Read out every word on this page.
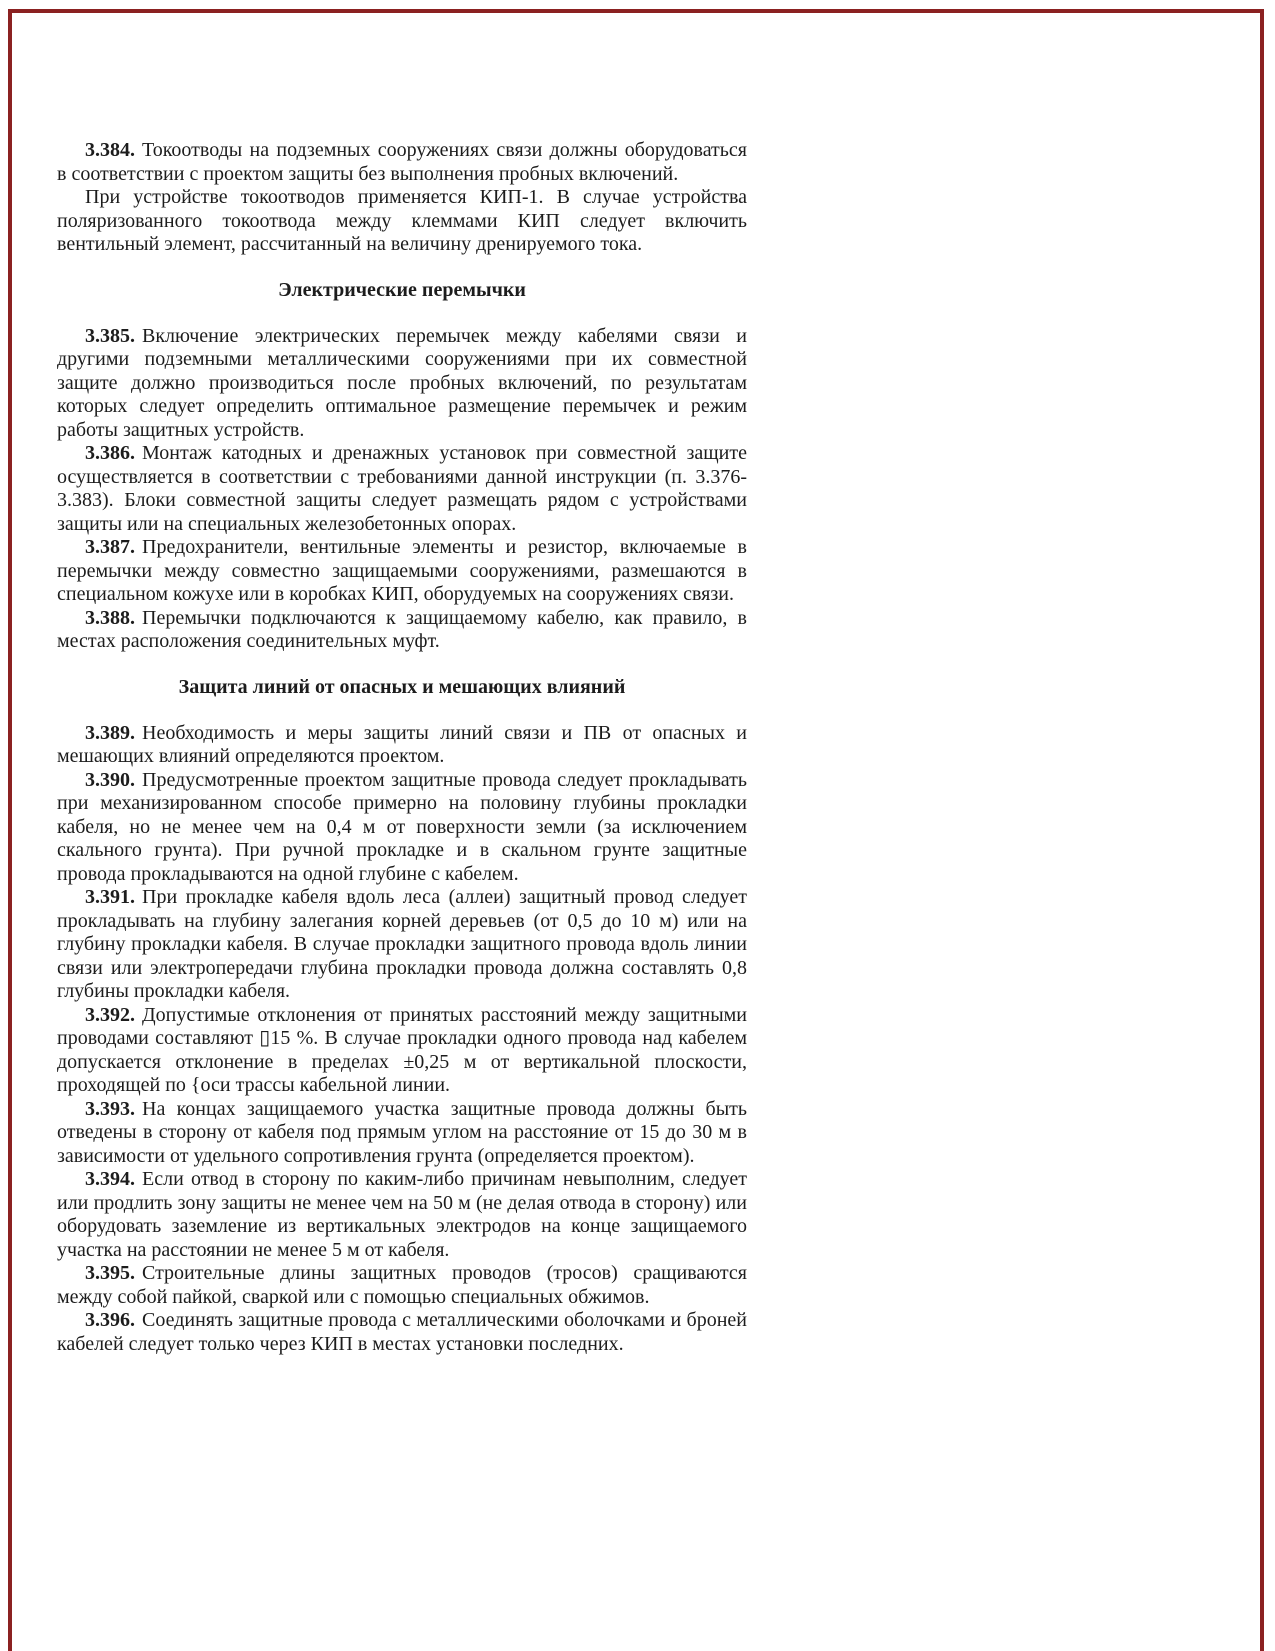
3.384. Токоотводы на подземных сооружениях связи должны оборудоваться в соответствии с проектом защиты без выполнения пробных включений.

При устройстве токоотводов применяется КИП-1. В случае устройства поляризованного токоотвода между клеммами КИП следует включить вентильный элемент, рассчитанный на величину дренируемого тока.

Электрические перемычки

3.385. Включение электрических перемычек между кабелями связи и другими подземными металлическими сооружениями при их совместной защите должно производиться после пробных включений, по результатам которых следует определить оптимальное размещение перемычек и режим работы защитных устройств.

3.386. Монтаж катодных и дренажных установок при совместной защите осуществляется в соответствии с требованиями данной инструкции (п. 3.376-3.383). Блоки совместной защиты следует размещать рядом с устройствами защиты или на специальных железобетонных опорах.

3.387. Предохранители, вентильные элементы и резистор, включаемые в перемычки между совместно защищаемыми сооружениями, размешаются в специальном кожухе или в коробках КИП, оборудуемых на сооружениях связи.

3.388. Перемычки подключаются к защищаемому кабелю, как правило, в местах расположения соединительных муфт.

Защита линий от опасных и мешающих влияний

3.389. Необходимость и меры защиты линий связи и ПВ от опасных и мешающих влияний определяются проектом.

3.390. Предусмотренные проектом защитные провода следует прокладывать при механизированном способе примерно на половину глубины прокладки кабеля, но не менее чем на 0,4 м от поверхности земли (за исключением скального грунта). При ручной прокладке и в скальном грунте защитные провода прокладываются на одной глубине с кабелем.

3.391. При прокладке кабеля вдоль леса (аллеи) защитный провод следует прокладывать на глубину залегания корней деревьев (от 0,5 до 10 м) или на глубину прокладки кабеля. В случае прокладки защитного провода вдоль линии связи или электропередачи глубина прокладки провода должна составлять 0,8 глубины прокладки кабеля.

3.392. Допустимые отклонения от принятых расстояний между защитными проводами составляют ▯15 %. В случае прокладки одного провода над кабелем допускается отклонение в пределах ±0,25 м от вертикальной плоскости, проходящей по {оси трассы кабельной линии.

3.393. На концах защищаемого участка защитные провода должны быть отведены в сторону от кабеля под прямым углом на расстояние от 15 до 30 м в зависимости от удельного сопротивления грунта (определяется проектом).

3.394. Если отвод в сторону по каким-либо причинам невыполним, следует или продлить зону защиты не менее чем на 50 м (не делая отвода в сторону) или оборудовать заземление из вертикальных электродов на конце защищаемого участка на расстоянии не менее 5 м от кабеля.

3.395. Строительные длины защитных проводов (тросов) сращиваются между собой пайкой, сваркой или с помощью специальных обжимов.

3.396. Соединять защитные провода с металлическими оболочками и броней кабелей следует только через КИП в местах установки последних.
